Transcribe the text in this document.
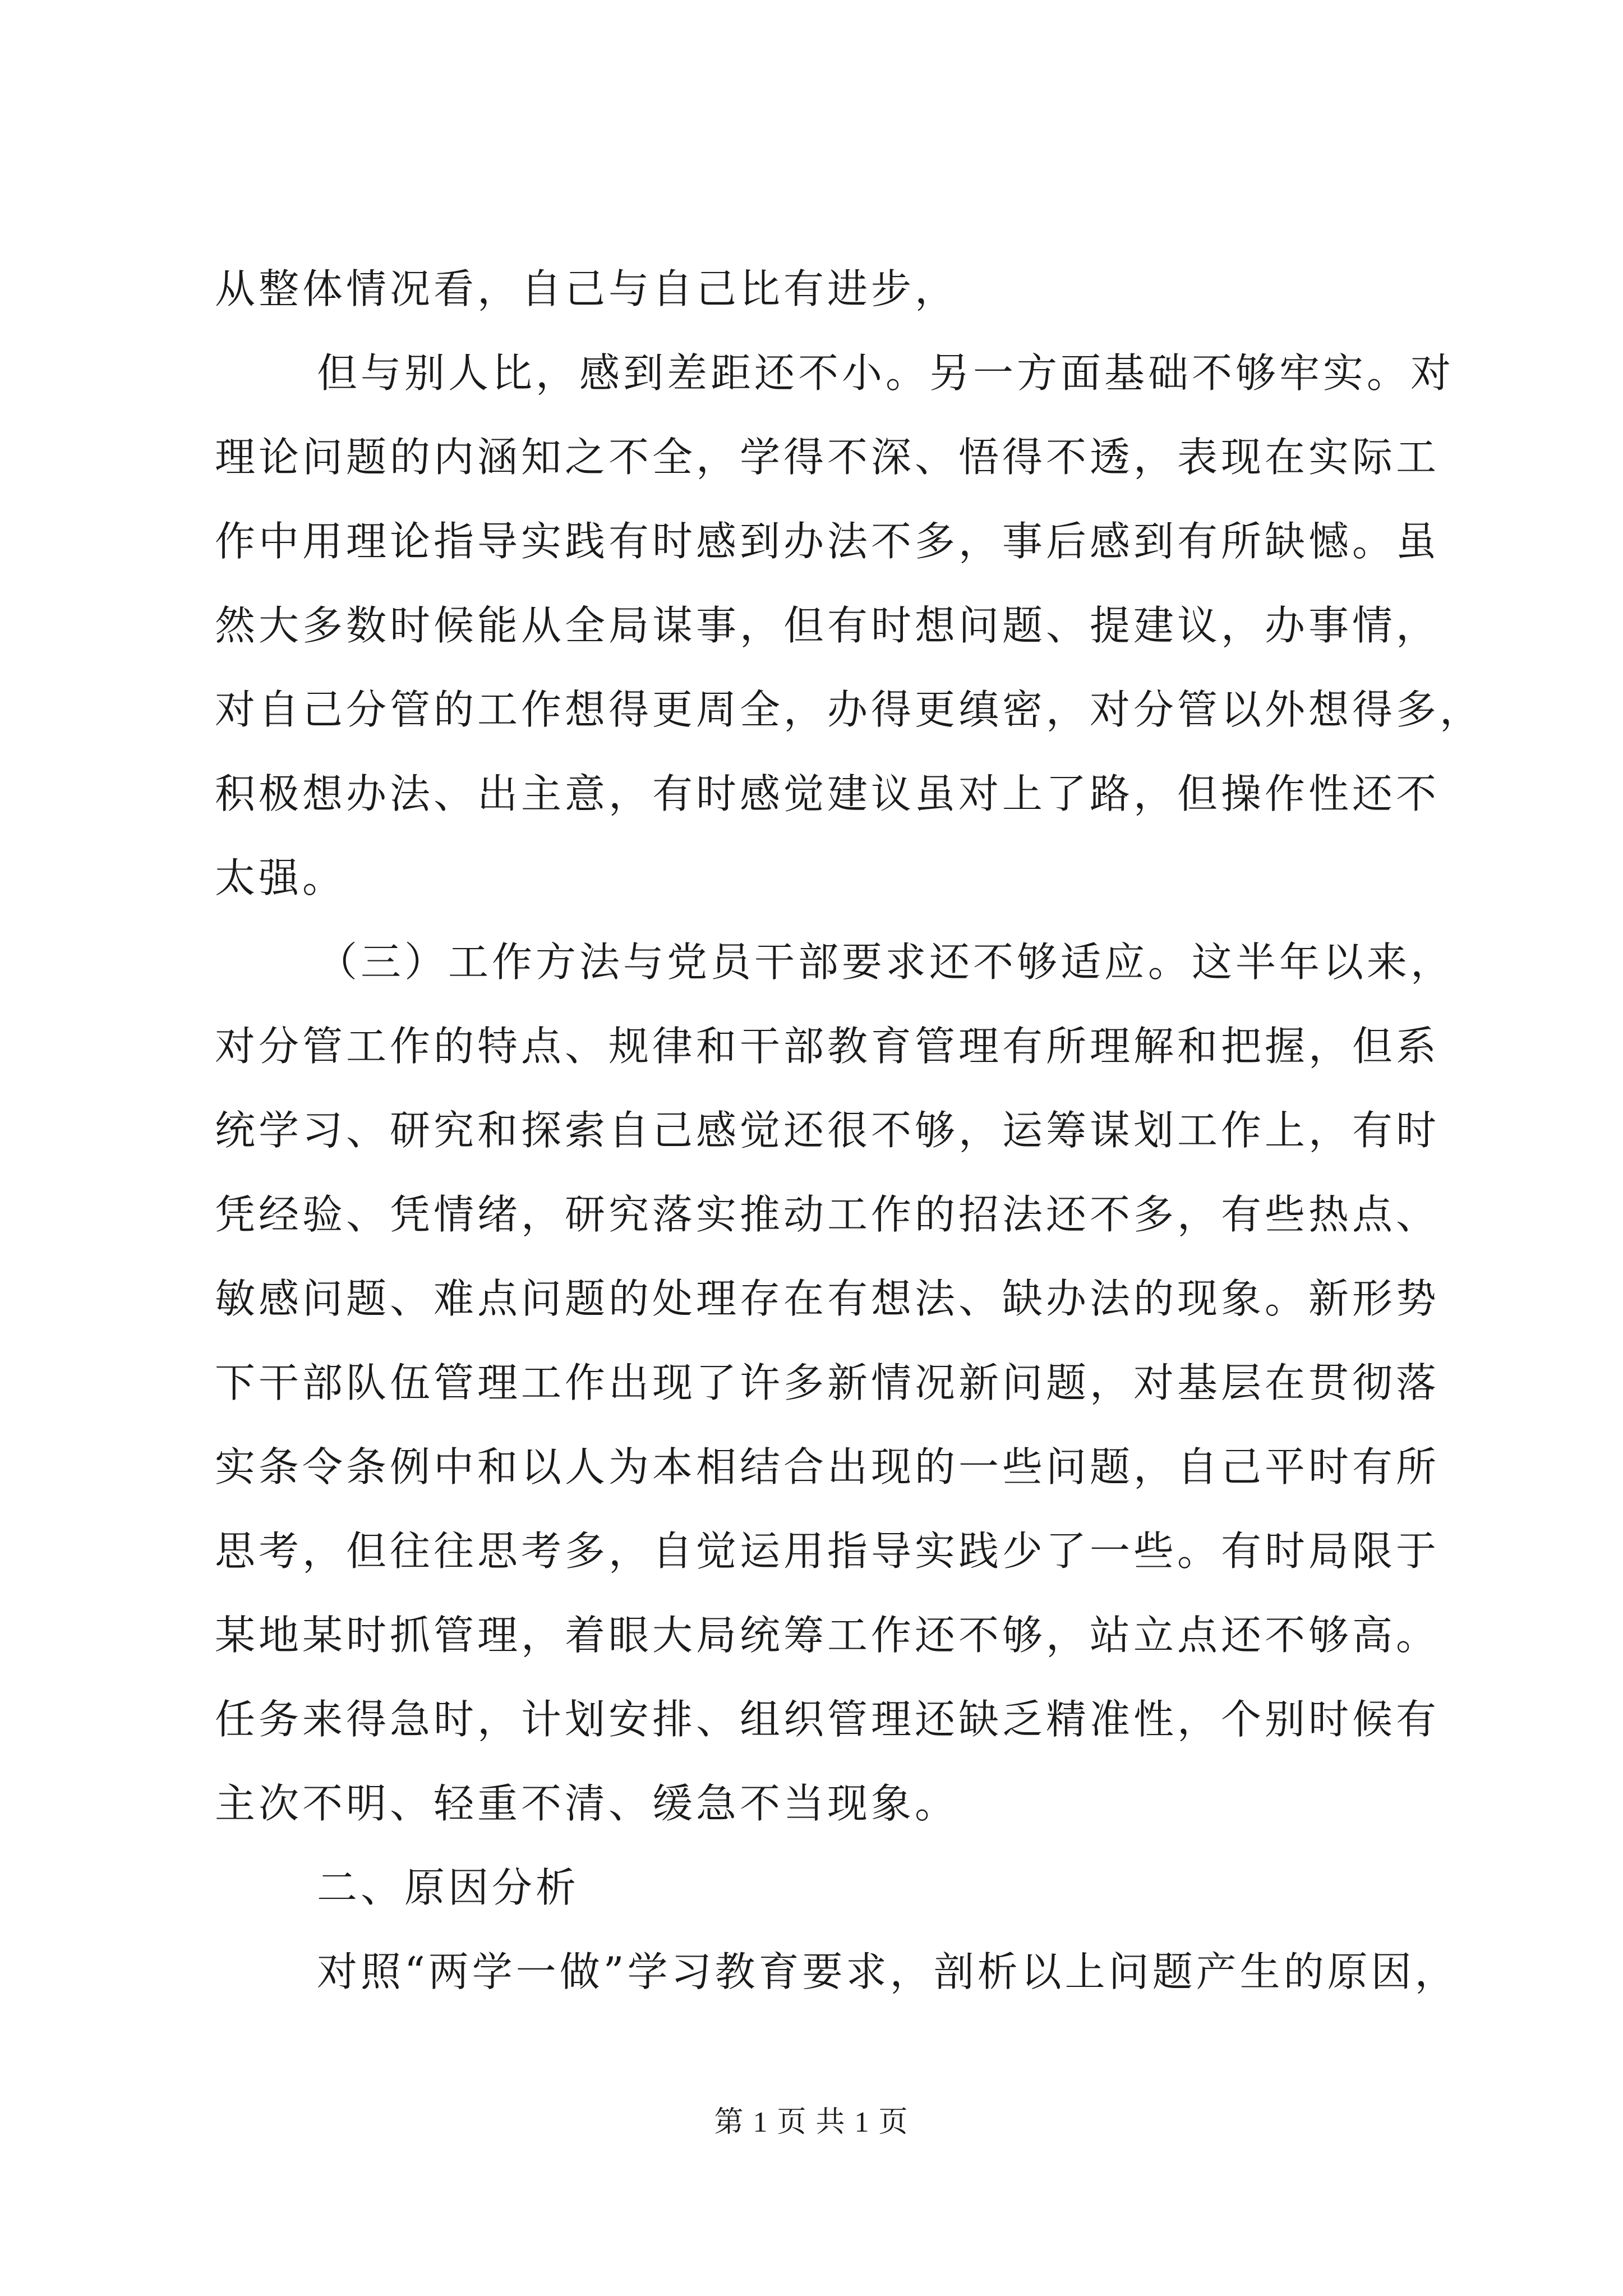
从整体情况看，自己与自己比有进步，
但与别人比，感到差距还不小。另一方面基础不够牢实。对
理论问题的内涵知之不全，学得不深、悟得不透，表现在实际工
作中用理论指导实践有时感到办法不多，事后感到有所缺憾。虽
然大多数时候能从全局谋事，但有时想问题、提建议，办事情，
对自己分管的工作想得更周全，办得更缜密，对分管以外想得多，
积极想办法、出主意，有时感觉建议虽对上了路，但操作性还不
太强。
（三）工作方法与党员干部要求还不够适应。这半年以来，
对分管工作的特点、规律和干部教育管理有所理解和把握，但系
统学习、研究和探索自己感觉还很不够，运筹谋划工作上，有时
凭经验、凭情绪，研究落实推动工作的招法还不多，有些热点、
敏感问题、难点问题的处理存在有想法、缺办法的现象。新形势
下干部队伍管理工作出现了许多新情况新问题，对基层在贯彻落
实条令条例中和以人为本相结合出现的一些问题，自己平时有所
思考，但往往思考多，自觉运用指导实践少了一些。有时局限于
某地某时抓管理，着眼大局统筹工作还不够，站立点还不够高。
任务来得急时，计划安排、组织管理还缺乏精准性，个别时候有
主次不明、轻重不清、缓急不当现象。
二、原因分析
对照“两学一做”学习教育要求，剖析以上问题产生的原因，
第 1 页 共 1 页
